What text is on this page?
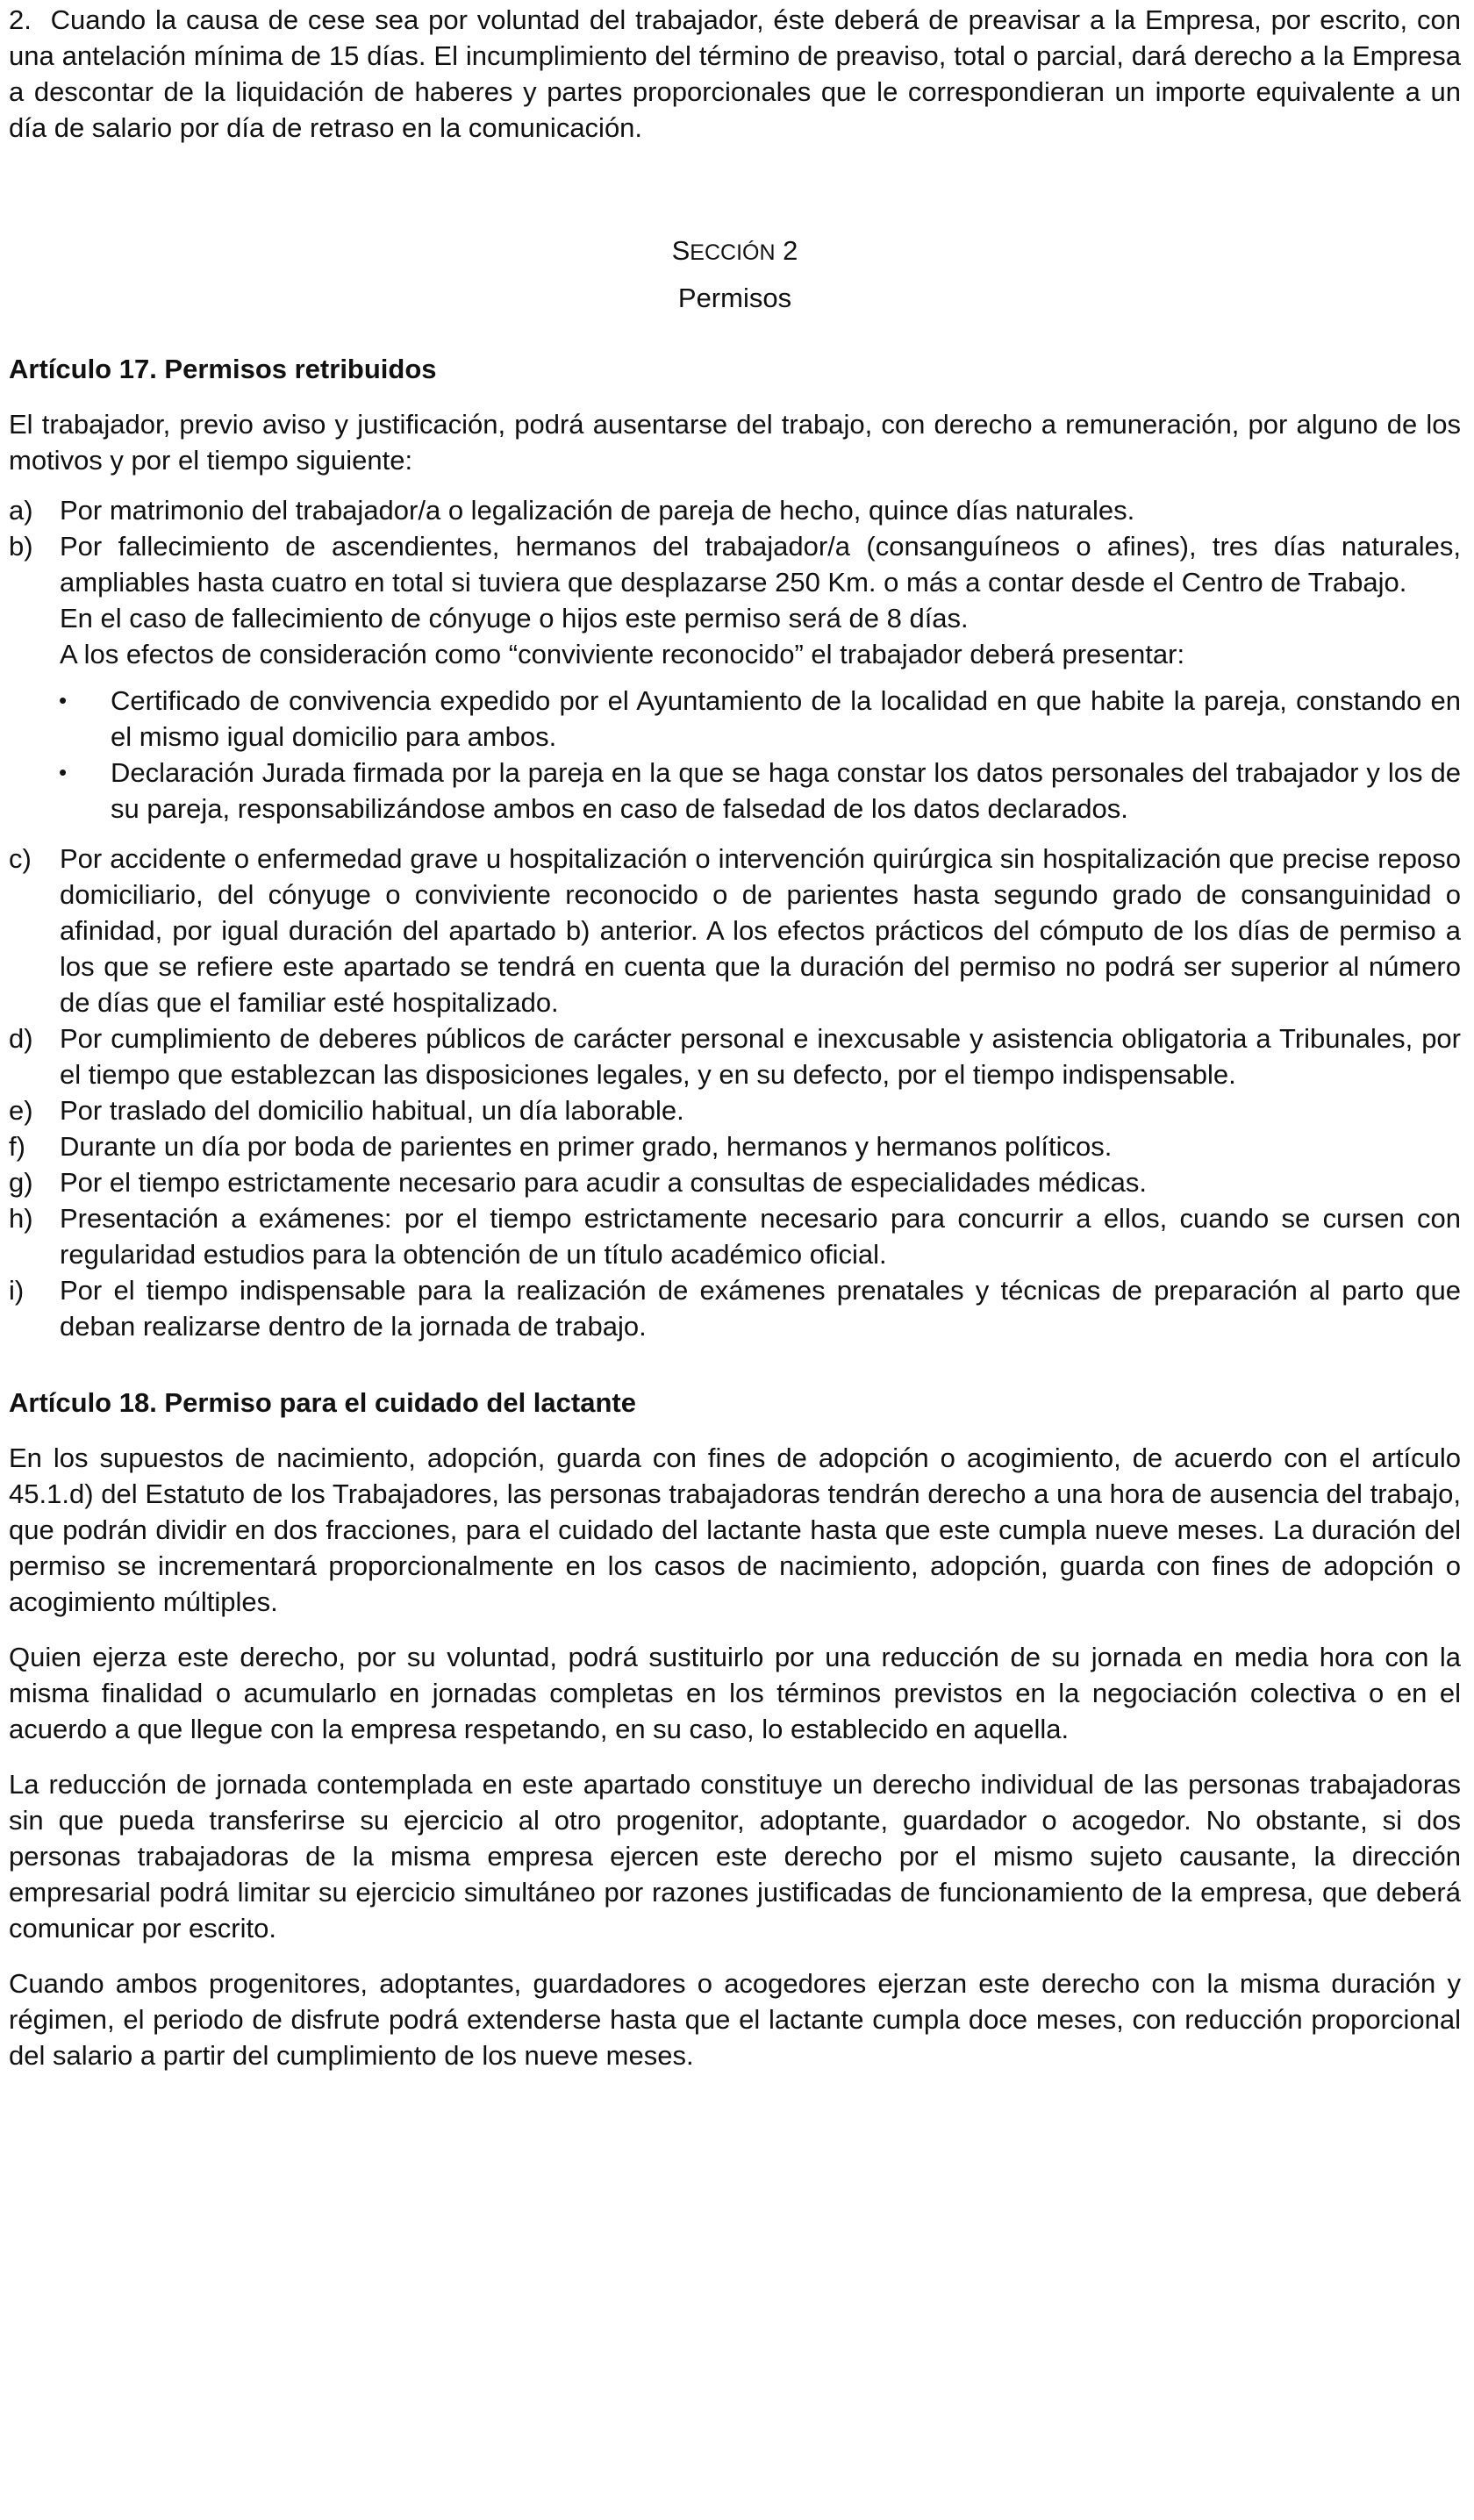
2. Cuando la causa de cese sea por voluntad del trabajador, éste deberá de preavisar a la Empresa, por escrito, con una antelación mínima de 15 días. El incumplimiento del término de preaviso, total o parcial, dará derecho a la Empresa a descontar de la liquidación de haberes y partes proporcionales que le correspondieran un importe equivalente a un día de salario por día de retraso en la comunicación.
SECCIÓN 2
Permisos
Artículo 17. Permisos retribuidos
El trabajador, previo aviso y justificación, podrá ausentarse del trabajo, con derecho a remuneración, por alguno de los motivos y por el tiempo siguiente:
a) Por matrimonio del trabajador/a o legalización de pareja de hecho, quince días naturales.
b) Por fallecimiento de ascendientes, hermanos del trabajador/a (consanguíneos o afines), tres días naturales, ampliables hasta cuatro en total si tuviera que desplazarse 250 Km. o más a contar desde el Centro de Trabajo.
En el caso de fallecimiento de cónyuge o hijos este permiso será de 8 días.
A los efectos de consideración como “conviviente reconocido” el trabajador deberá presentar:
• Certificado de convivencia expedido por el Ayuntamiento de la localidad en que habite la pareja, constando en el mismo igual domicilio para ambos.
• Declaración Jurada firmada por la pareja en la que se haga constar los datos personales del trabajador y los de su pareja, responsabilizándose ambos en caso de falsedad de los datos declarados.
c) Por accidente o enfermedad grave u hospitalización o intervención quirúrgica sin hospitalización que precise reposo domiciliario, del cónyuge o conviviente reconocido o de parientes hasta segundo grado de consanguinidad o afinidad, por igual duración del apartado b) anterior. A los efectos prácticos del cómputo de los días de permiso a los que se refiere este apartado se tendrá en cuenta que la duración del permiso no podrá ser superior al número de días que el familiar esté hospitalizado.
d) Por cumplimiento de deberes públicos de carácter personal e inexcusable y asistencia obligatoria a Tribunales, por el tiempo que establezcan las disposiciones legales, y en su defecto, por el tiempo indispensable.
e) Por traslado del domicilio habitual, un día laborable.
f) Durante un día por boda de parientes en primer grado, hermanos y hermanos políticos.
g) Por el tiempo estrictamente necesario para acudir a consultas de especialidades médicas.
h) Presentación a exámenes: por el tiempo estrictamente necesario para concurrir a ellos, cuando se cursen con regularidad estudios para la obtención de un título académico oficial.
i) Por el tiempo indispensable para la realización de exámenes prenatales y técnicas de preparación al parto que deban realizarse dentro de la jornada de trabajo.
Artículo 18. Permiso para el cuidado del lactante
En los supuestos de nacimiento, adopción, guarda con fines de adopción o acogimiento, de acuerdo con el artículo 45.1.d) del Estatuto de los Trabajadores, las personas trabajadoras tendrán derecho a una hora de ausencia del trabajo, que podrán dividir en dos fracciones, para el cuidado del lactante hasta que este cumpla nueve meses. La duración del permiso se incrementará proporcionalmente en los casos de nacimiento, adopción, guarda con fines de adopción o acogimiento múltiples.
Quien ejerza este derecho, por su voluntad, podrá sustituirlo por una reducción de su jornada en media hora con la misma finalidad o acumularlo en jornadas completas en los términos previstos en la negociación colectiva o en el acuerdo a que llegue con la empresa respetando, en su caso, lo establecido en aquella.
La reducción de jornada contemplada en este apartado constituye un derecho individual de las personas trabajadoras sin que pueda transferirse su ejercicio al otro progenitor, adoptante, guardador o acogedor. No obstante, si dos personas trabajadoras de la misma empresa ejercen este derecho por el mismo sujeto causante, la dirección empresarial podrá limitar su ejercicio simultáneo por razones justificadas de funcionamiento de la empresa, que deberá comunicar por escrito.
Cuando ambos progenitores, adoptantes, guardadores o acogedores ejerzan este derecho con la misma duración y régimen, el periodo de disfrute podrá extenderse hasta que el lactante cumpla doce meses, con reducción proporcional del salario a partir del cumplimiento de los nueve meses.
